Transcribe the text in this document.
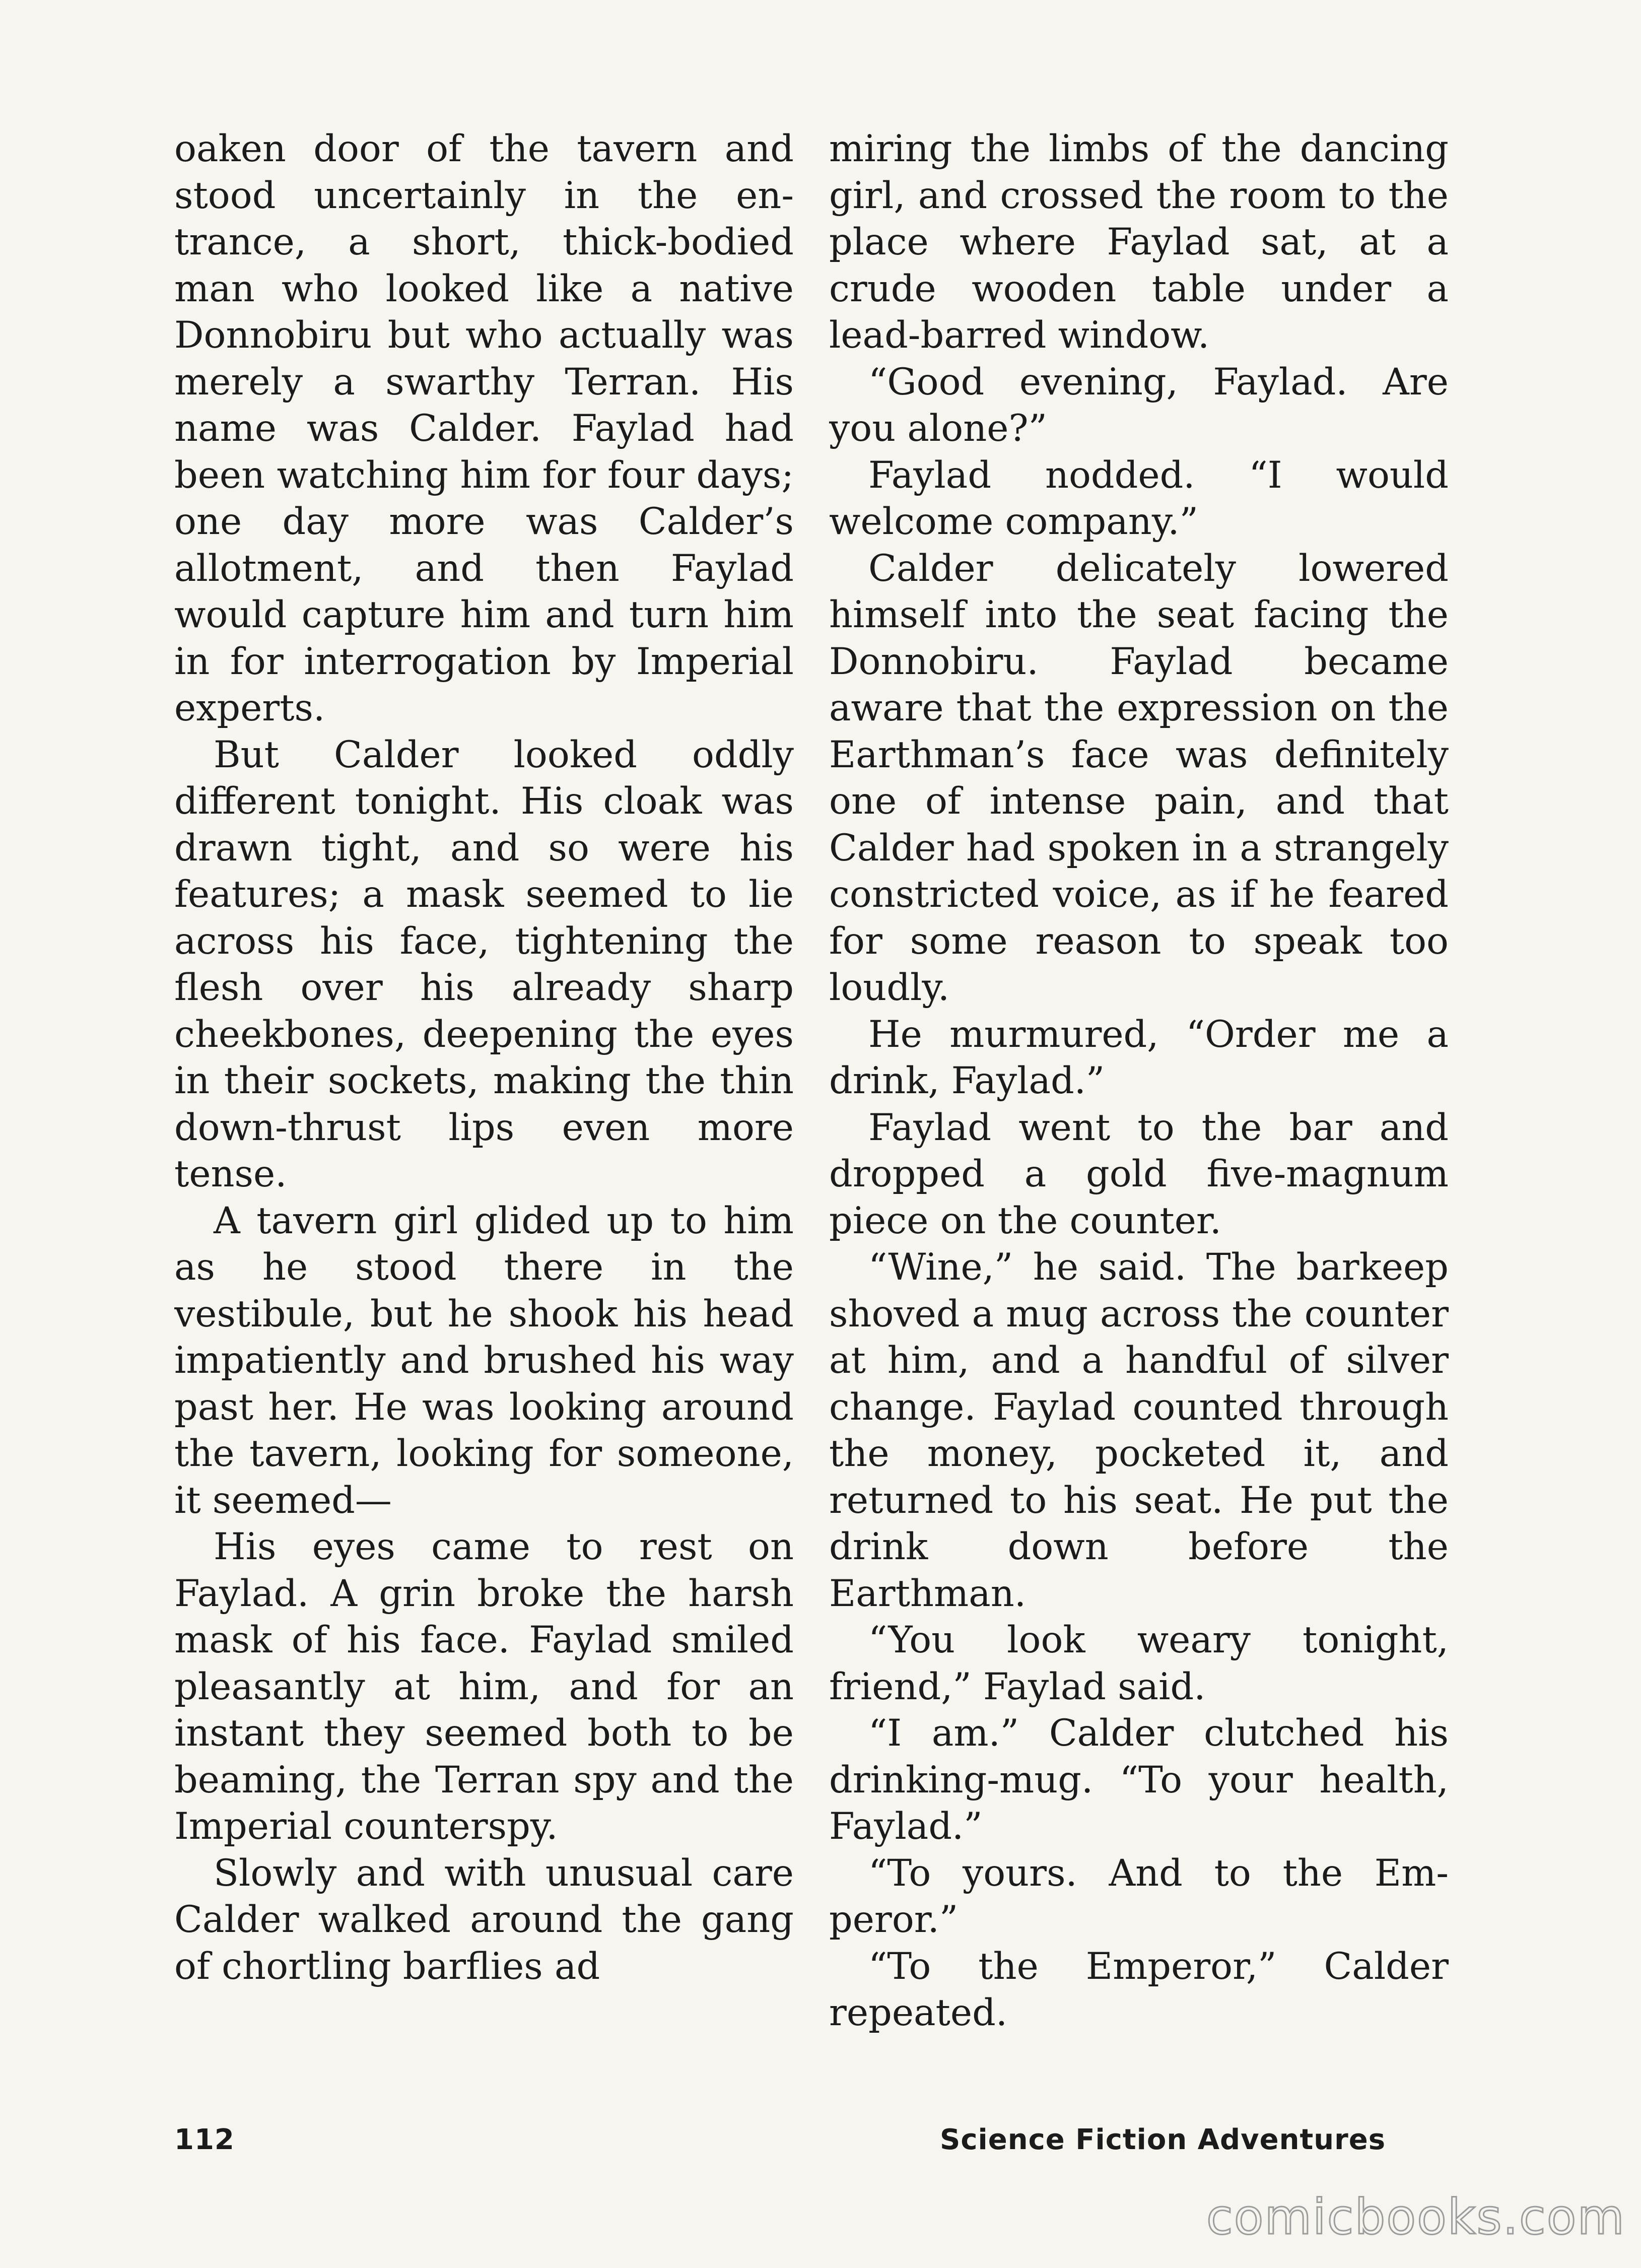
oaken door of the tavern and stood uncertainly in the entrance, a short, thick-bodied man who looked like a native Donnobiru but who actually was merely a swarthy Terran. His name was Calder. Faylad had been watching him for four days; one day more was Calder’s allotment, and then Faylad would capture him and turn him in for interrogation by Imperial experts.

But Calder looked oddly different tonight. His cloak was drawn tight, and so were his features; a mask seemed to lie across his face, tightening the flesh over his already sharp cheekbones, deepening the eyes in their sockets, making the thin down-thrust lips even more tense.

A tavern girl glided up to him as he stood there in the vestibule, but he shook his head impatiently and brushed his way past her. He was looking around the tavern, looking for someone, it seemed—

His eyes came to rest on Faylad. A grin broke the harsh mask of his face. Faylad smiled pleasantly at him, and for an instant they seemed both to be beaming, the Terran spy and the Imperial counterspy.

Slowly and with unusual care Calder walked around the gang of chortling barflies ad

miring the limbs of the dancing girl, and crossed the room to the place where Faylad sat, at a crude wooden table under a lead-barred window.

“Good evening, Faylad. Are you alone?”

Faylad nodded. “I would welcome company.”

Calder delicately lowered himself into the seat facing the Donnobiru. Faylad became aware that the expression on the Earthman’s face was definitely one of intense pain, and that Calder had spoken in a strangely constricted voice, as if he feared for some reason to speak too loudly.

He murmured, “Order me a drink, Faylad.”

Faylad went to the bar and dropped a gold five-magnum piece on the counter.

“Wine,” he said. The barkeep shoved a mug across the counter at him, and a handful of silver change. Faylad counted through the money, pocketed it, and returned to his seat. He put the drink down before the Earthman.

“You look weary tonight, friend,” Faylad said.

“I am.” Calder clutched his drinking-mug. “To your health, Faylad.”

“To yours. And to the Emperor.”

“To the Emperor,” Calder repeated.

112	Science Fiction Adventures
comicbooks.com
